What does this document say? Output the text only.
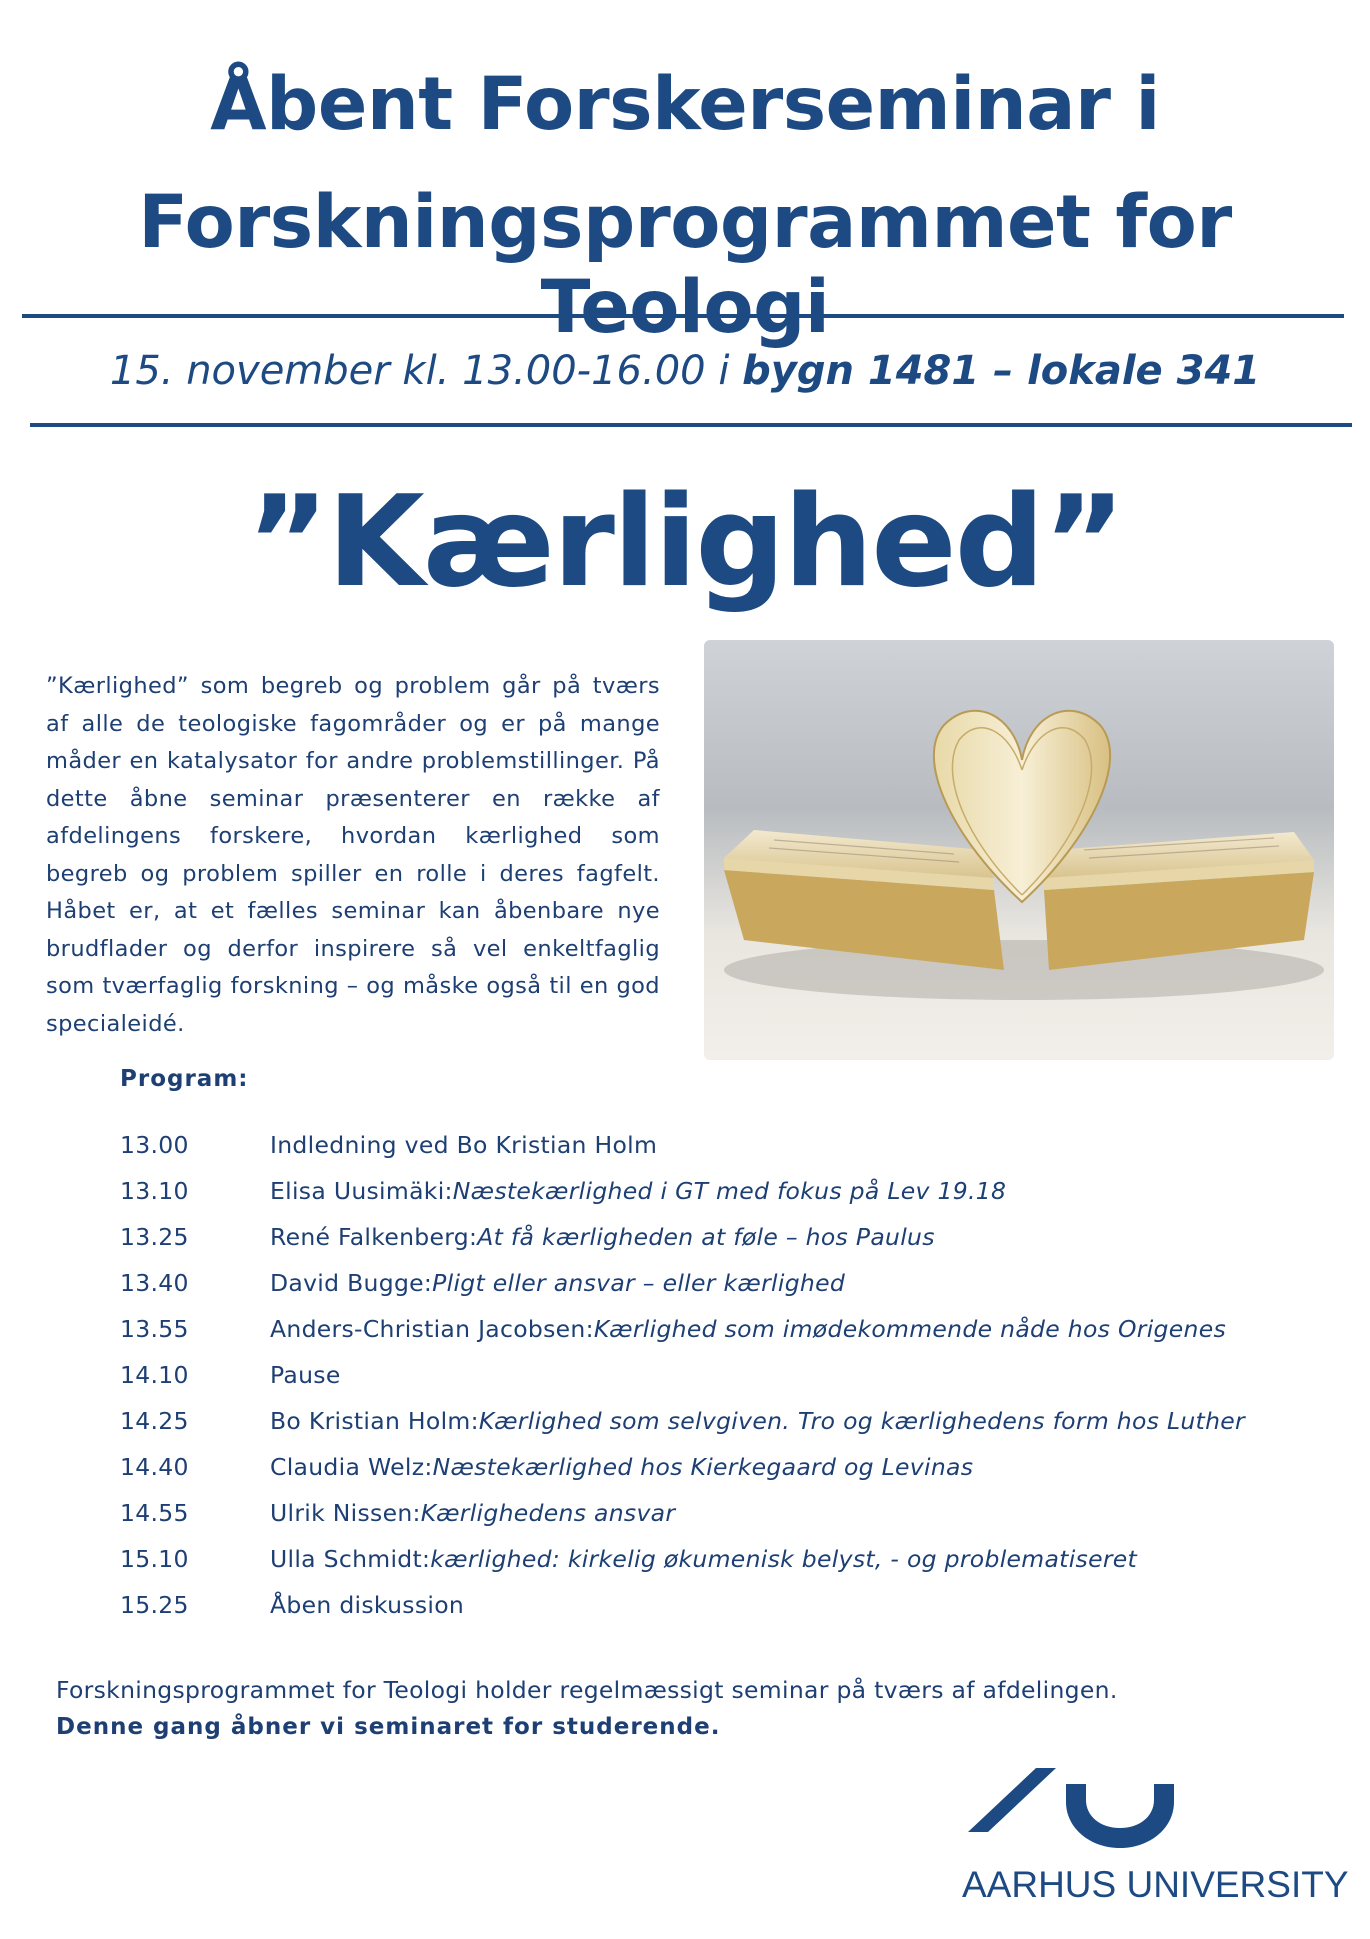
Åbent Forskerseminar i
Forskningsprogrammet for Teologi
15. november kl. 13.00-16.00 i bygn 1481 – lokale 341
”Kærlighed”
”Kærlighed” som begreb og problem går på tværs af alle de teologiske fagområder og er på mange måder en katalysator for andre problemstillinger. På dette åbne seminar præsenterer en række af afdelingens forskere, hvordan kærlighed som begreb og problem spiller en rolle i deres fagfelt. Håbet er, at et fælles seminar kan åbenbare nye brudflader og derfor inspirere så vel enkeltfaglig som tværfaglig forskning – og måske også til en god specialeidé.
Program:
13.00	Indledning ved Bo Kristian Holm
13.10	Elisa Uusimäki: Næstekærlighed i GT med fokus på Lev 19.18
13.25	René Falkenberg: At få kærligheden at føle – hos Paulus
13.40	David Bugge: Pligt eller ansvar – eller kærlighed
13.55	Anders-Christian Jacobsen: Kærlighed som imødekommende nåde hos Origenes
14.10	Pause
14.25	Bo Kristian Holm: Kærlighed som selvgiven. Tro og kærlighedens form hos Luther
14.40	Claudia Welz: Næstekærlighed hos Kierkegaard og Levinas
14.55	Ulrik Nissen: Kærlighedens ansvar
15.10	Ulla Schmidt: kærlighed: kirkelig økumenisk belyst, - og problematiseret
15.25	Åben diskussion
Forskningsprogrammet for Teologi holder regelmæssigt seminar på tværs af afdelingen.
Denne gang åbner vi seminaret for studerende.
AARHUS UNIVERSITY
